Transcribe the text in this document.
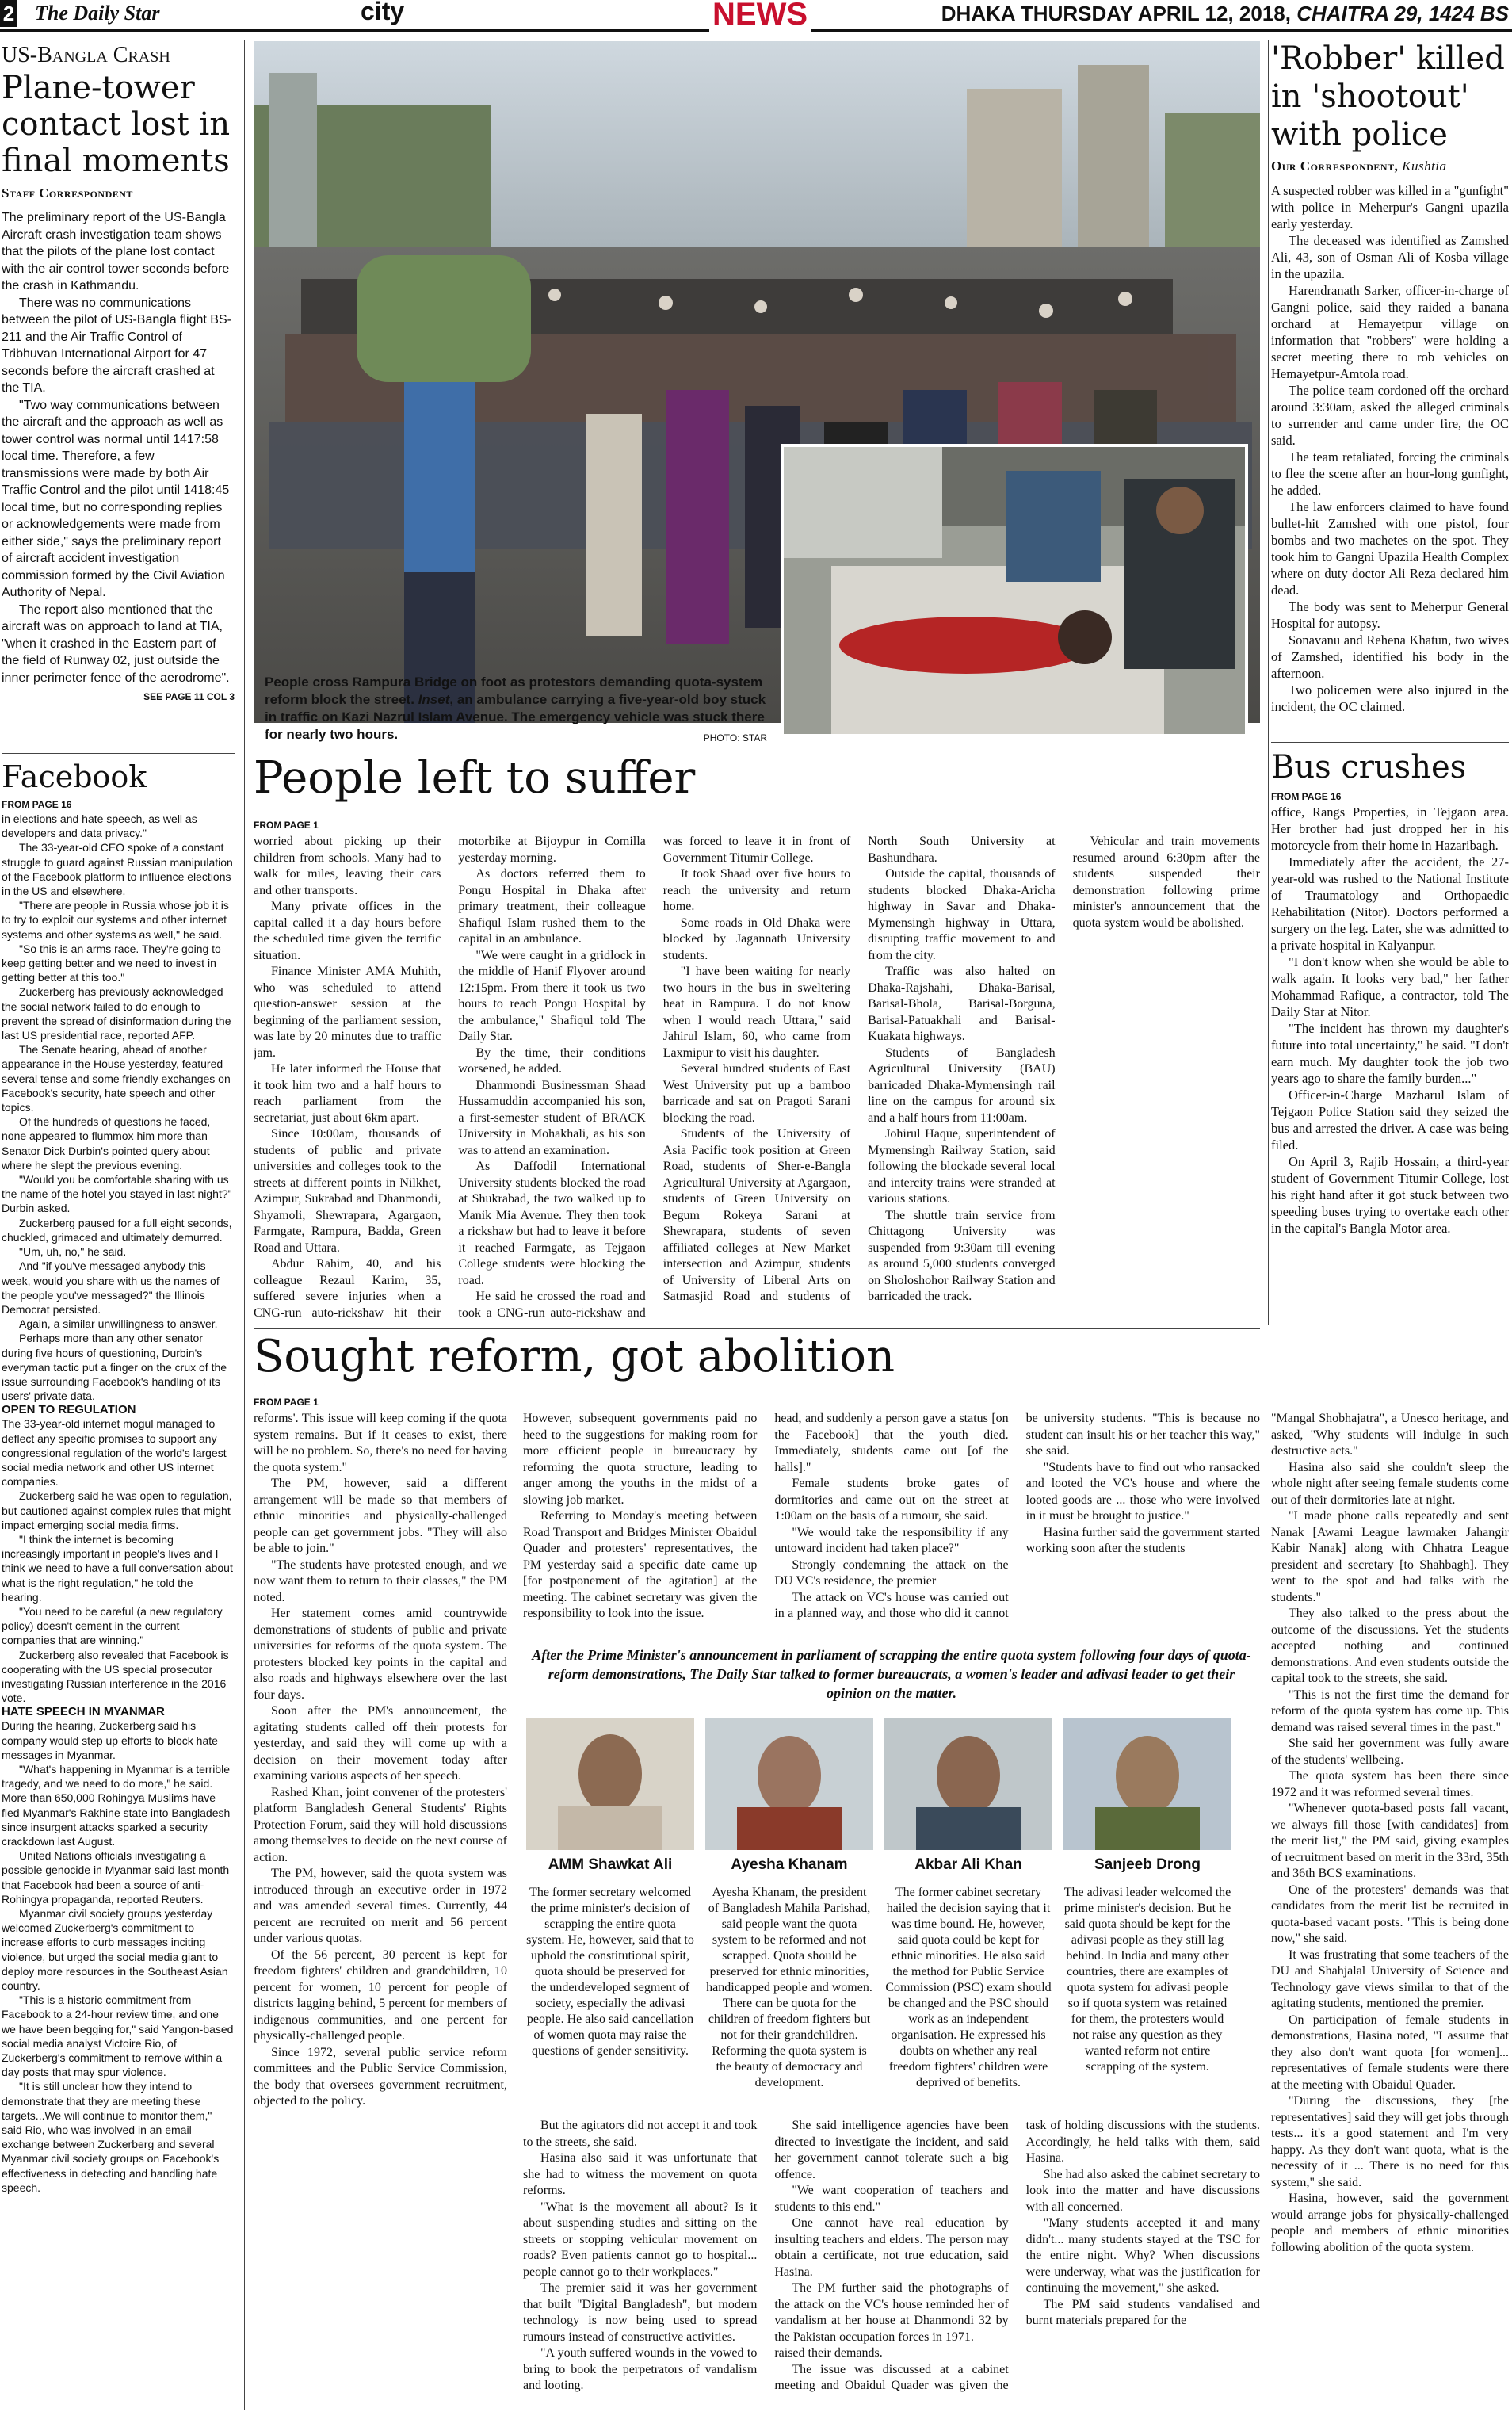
2 The Daily Star	city	NEWS	DHAKA THURSDAY APRIL 12, 2018, CHAITRA 29, 1424 BS
US-Bangla Crash
Plane-tower contact lost in final moments
Staff Correspondent

The preliminary report of the US-Bangla Aircraft crash investigation team shows that the pilots of the plane lost contact with the air control tower seconds before the crash in Kathmandu.

There was no communications between the pilot of US-Bangla flight BS-211 and the Air Traffic Control of Tribhuvan International Airport for 47 seconds before the aircraft crashed at the TIA.

"Two way communications between the aircraft and the approach as well as tower control was normal until 1417:58 local time. Therefore, a few transmissions were made by both Air Traffic Control and the pilot until 1418:45 local time, but no corresponding replies or acknowledgements were made from either side," says the preliminary report of aircraft accident investigation commission formed by the Civil Aviation Authority of Nepal.

The report also mentioned that the aircraft was on approach to land at TIA, "when it crashed in the Eastern part of the field of Runway 02, just outside the inner perimeter fence of the aerodrome".

SEE PAGE 11 COL 3
Facebook
FROM PAGE 16

in elections and hate speech, as well as developers and data privacy."

The 33-year-old CEO spoke of a constant struggle to guard against Russian manipulation of the Facebook platform to influence elections in the US and elsewhere.

"There are people in Russia whose job it is to try to exploit our systems and other internet systems and other systems as well," he said.

"So this is an arms race. They're going to keep getting better and we need to invest in getting better at this too."

Zuckerberg has previously acknowledged the social network failed to do enough to prevent the spread of disinformation during the last US presidential race, reported AFP.

The Senate hearing, ahead of another appearance in the House yesterday, featured several tense and some friendly exchanges on Facebook's security, hate speech and other topics.

Of the hundreds of questions he faced, none appeared to flummox him more than Senator Dick Durbin's pointed query about where he slept the previous evening.

"Would you be comfortable sharing with us the name of the hotel you stayed in last night?" Durbin asked.

Zuckerberg paused for a full eight seconds, chuckled, grimaced and ultimately demurred.

"Um, uh, no," he said.

And "if you've messaged anybody this week, would you share with us the names of the people you've messaged?" the Illinois Democrat persisted.

Again, a similar unwillingness to answer.

Perhaps more than any other senator during five hours of questioning, Durbin's everyman tactic put a finger on the crux of the issue surrounding Facebook's handling of its users' private data.

OPEN TO REGULATION

The 33-year-old internet mogul managed to deflect any specific promises to support any congressional regulation of the world's largest social media network and other US internet companies.

Zuckerberg said he was open to regulation, but cautioned against complex rules that might impact emerging social media firms.

"I think the internet is becoming increasingly important in people's lives and I think we need to have a full conversation about what is the right regulation," he told the hearing.

"You need to be careful (a new regulatory policy) doesn't cement in the current companies that are winning."

Zuckerberg also revealed that Facebook is cooperating with the US special prosecutor investigating Russian interference in the 2016 vote.

HATE SPEECH IN MYANMAR

During the hearing, Zuckerberg said his company would step up efforts to block hate messages in Myanmar.

"What's happening in Myanmar is a terrible tragedy, and we need to do more," he said. More than 650,000 Rohingya Muslims have fled Myanmar's Rakhine state into Bangladesh since insurgent attacks sparked a security crackdown last August.

United Nations officials investigating a possible genocide in Myanmar said last month that Facebook had been a source of anti-Rohingya propaganda, reported Reuters.

Myanmar civil society groups yesterday welcomed Zuckerberg's commitment to increase efforts to curb messages inciting violence, but urged the social media giant to deploy more resources in the Southeast Asian country.

"This is a historic commitment from Facebook to a 24-hour review time, and one we have been begging for," said Yangon-based social media analyst Victoire Rio, of Zuckerberg's commitment to remove within a day posts that may spur violence.

"It is still unclear how they intend to demonstrate that they are meeting these targets...We will continue to monitor them," said Rio, who was involved in an email exchange between Zuckerberg and several Myanmar civil society groups on Facebook's effectiveness in detecting and handling hate speech.

People cross Rampura Bridge on foot as protestors demanding quota-system reform block the street. Inset, an ambulance carrying a five-year-old boy stuck in traffic on Kazi Nazrul Islam Avenue. The emergency vehicle was stuck there for nearly two hours.	PHOTO: STAR
People left to suffer
FROM PAGE 1

worried about picking up their children from schools. Many had to walk for miles, leaving their cars and other transports.

Many private offices in the capital called it a day hours before the scheduled time given the terrific situation.

Finance Minister AMA Muhith, who was scheduled to attend question-answer session at the beginning of the parliament session, was late by 20 minutes due to traffic jam.

He later informed the House that it took him two and a half hours to reach parliament from the secretariat, just about 6km apart.

Since 10:00am, thousands of students of public and private universities and colleges took to the streets at different points in Nilkhet, Azimpur, Sukrabad and Dhanmondi, Shyamoli, Shewrapara, Agargaon, Farmgate, Rampura, Badda, Green Road and Uttara.

Abdur Rahim, 40, and his colleague Rezaul Karim, 35, suffered severe injuries when a CNG-run auto-rickshaw hit their motorbike at Bijoypur in Comilla yesterday morning.

As doctors referred them to Pongu Hospital in Dhaka after primary treatment, their colleague Shafiqul Islam rushed them to the capital in an ambulance.

"We were caught in a gridlock in the middle of Hanif Flyover around 12:15pm. From there it took us two hours to reach Pongu Hospital by the ambulance," Shafiqul told The Daily Star.

By the time, their conditions worsened, he added.

Dhanmondi Businessman Shaad Hussamuddin accompanied his son, a first-semester student of BRACK University in Mohakhali, as his son was to attend an examination.

As Daffodil International University students blocked the road at Shukrabad, the two walked up to Manik Mia Avenue. They then took a rickshaw but had to leave it before it reached Farmgate, as Tejgaon College students were blocking the road.

He said he crossed the road and took a CNG-run auto-rickshaw and was forced to leave it in front of Government Titumir College.

It took Shaad over five hours to reach the university and return home.

Some roads in Old Dhaka were blocked by Jagannath University students.

"I have been waiting for nearly two hours in the bus in sweltering heat in Rampura. I do not know when I would reach Uttara," said Jahirul Islam, 60, who came from Laxmipur to visit his daughter.

Several hundred students of East West University put up a bamboo barricade and sat on Pragoti Sarani blocking the road.

Students of the University of Asia Pacific took position at Green Road, students of Sher-e-Bangla Agricultural University at Agargaon, students of Green University on Begum Rokeya Sarani at Shewrapara, students of seven affiliated colleges at New Market intersection and Azimpur, students of University of Liberal Arts on Satmasjid Road and students of North South University at Bashundhara.

Outside the capital, thousands of students blocked Dhaka-Aricha highway in Savar and Dhaka-Mymensingh highway in Uttara, disrupting traffic movement to and from the city.

Traffic was also halted on Dhaka-Rajshahi, Dhaka-Barisal, Barisal-Bhola, Barisal-Borguna, Barisal-Patuakhali and Barisal-Kuakata highways.

Students of Bangladesh Agricultural University (BAU) barricaded Dhaka-Mymensingh rail line on the campus for around six and a half hours from 11:00am.

Johirul Haque, superintendent of Mymensingh Railway Station, said following the blockade several local and intercity trains were stranded at various stations.

The shuttle train service from Chittagong University was suspended from 9:30am till evening as around 5,000 students converged on Sholoshohor Railway Station and barricaded the track.

Vehicular and train movements resumed around 6:30pm after the students suspended their demonstration following prime minister's announcement that the quota system would be abolished.

'Robber' killed in 'shootout' with police
Our Correspondent, Kushtia

A suspected robber was killed in a "gunfight" with police in Meherpur's Gangni upazila early yesterday.

The deceased was identified as Zamshed Ali, 43, son of Osman Ali of Kosba village in the upazila.

Harendranath Sarker, officer-in-charge of Gangni police, said they raided a banana orchard at Hemayetpur village on information that "robbers" were holding a secret meeting there to rob vehicles on Hemayetpur-Amtola road.

The police team cordoned off the orchard around 3:30am, asked the alleged criminals to surrender and came under fire, the OC said.

The team retaliated, forcing the criminals to flee the scene after an hour-long gunfight, he added.

The law enforcers claimed to have found bullet-hit Zamshed with one pistol, four bombs and two machetes on the spot. They took him to Gangni Upazila Health Complex where on duty doctor Ali Reza declared him dead.

The body was sent to Meherpur General Hospital for autopsy.

Sonavanu and Rehena Khatun, two wives of Zamshed, identified his body in the afternoon.

Two policemen were also injured in the incident, the OC claimed.

Bus crushes
FROM PAGE 16

office, Rangs Properties, in Tejgaon area. Her brother had just dropped her in his motorcycle from their home in Hazaribagh.

Immediately after the accident, the 27-year-old was rushed to the National Institute of Traumatology and Orthopaedic Rehabilitation (Nitor). Doctors performed a surgery on the leg. Later, she was admitted to a private hospital in Kalyanpur.

"I don't know when she would be able to walk again. It looks very bad," her father Mohammad Rafique, a contractor, told The Daily Star at Nitor.

"The incident has thrown my daughter's future into total uncertainty," he said. "I don't earn much. My daughter took the job two years ago to share the family burden..."

Officer-in-Charge Mazharul Islam of Tejgaon Police Station said they seized the bus and arrested the driver. A case was being filed.

On April 3, Rajib Hossain, a third-year student of Government Titumir College, lost his right hand after it got stuck between two speeding buses trying to overtake each other in the capital's Bangla Motor area.

Sought reform, got abolition
FROM PAGE 1

reforms'. This issue will keep coming if the quota system remains. But if it ceases to exist, there will be no problem. So, there's no need for having the quota system."

The PM, however, said a different arrangement will be made so that members of ethnic minorities and physically-challenged people can get government jobs. "They will also be able to join."

"The students have protested enough, and we now want them to return to their classes," the PM noted.

Her statement comes amid countrywide demonstrations of students of public and private universities for reforms of the quota system. The protesters blocked key points in the capital and also roads and highways elsewhere over the last four days.

Soon after the PM's announcement, the agitating students called off their protests for yesterday, and said they will come up with a decision on their movement today after examining various aspects of her speech.

Rashed Khan, joint convener of the protesters' platform Bangladesh General Students' Rights Protection Forum, said they will hold discussions among themselves to decide on the next course of action.

The PM, however, said the quota system was introduced through an executive order in 1972 and was amended several times. Currently, 44 percent are recruited on merit and 56 percent under various quotas.

Of the 56 percent, 30 percent is kept for freedom fighters' children and grandchildren, 10 percent for women, 10 percent for people of districts lagging behind, 5 percent for members of indigenous communities, and one percent for physically-challenged people.

Since 1972, several public service reform committees and the Public Service Commission, the body that oversees government recruitment, objected to the policy.

However, subsequent governments paid no heed to the suggestions for making room for more efficient people in bureaucracy by reforming the quota structure, leading to anger among the youths in the midst of a slowing job market.

Referring to Monday's meeting between Road Transport and Bridges Minister Obaidul Quader and protesters' representatives, the PM yesterday said a specific date came up [for postponement of the agitation] at the meeting. The cabinet secretary was given the responsibility to look into the issue.

head, and suddenly a person gave a status [on the Facebook] that the youth died. Immediately, students came out [of the halls]."

Female students broke gates of dormitories and came out on the street at 1:00am on the basis of a rumour, she said.

"We would take the responsibility if any untoward incident had taken place?"

Strongly condemning the attack on the DU VC's residence, the premier

The attack on VC's house was carried out in a planned way, and those who did it cannot be university students. "This is because no student can insult his or her teacher this way," she said.

"Students have to find out who ransacked and looted the VC's house and where the looted goods are ... those who were involved in it must be brought to justice."

Hasina further said the government started working soon after the students

After the Prime Minister's announcement in parliament of scrapping the entire quota system following four days of quota-reform demonstrations, The Daily Star talked to former bureaucrats, a women's leader and adivasi leader to get their opinion on the matter.
AMM Shawkat Ali	Ayesha Khanam	Akbar Ali Khan	Sanjeeb Drong
The former secretary welcomed the prime minister's decision of scrapping the entire quota system. He, however, said that to uphold the constitutional spirit, quota should be preserved for the underdeveloped segment of society, especially the adivasi people. He also said cancellation of women quota may raise the questions of gender sensitivity.
Ayesha Khanam, the president of Bangladesh Mahila Parishad, said people want the quota system to be reformed and not scrapped. Quota should be preserved for ethnic minorities, handicapped people and women. There can be quota for the children of freedom fighters but not for their grandchildren. Reforming the quota system is the beauty of democracy and development.
The former cabinet secretary hailed the decision saying that it was time bound. He, however, said quota could be kept for ethnic minorities. He also said the method for Public Service Commission (PSC) exam should be changed and the PSC should work as an independent organisation. He expressed his doubts on whether any real freedom fighters' children were deprived of benefits.
The adivasi leader welcomed the prime minister's decision. But he said quota should be kept for the adivasi people as they still lag behind. In India and many other countries, there are examples of quota system for adivasi people so if quota system was retained for them, the protesters would not raise any question as they wanted reform not entire scrapping of the system.

But the agitators did not accept it and took to the streets, she said.

Hasina also said it was unfortunate that she had to witness the movement on quota reforms.

"What is the movement all about? Is it about suspending studies and sitting on the streets or stopping vehicular movement on roads? Even patients cannot go to hospital... people cannot go to their workplaces."

The premier said it was her government that built "Digital Bangladesh", but modern technology is now being used to spread rumours instead of constructive activities.

"A youth suffered wounds in the vowed to bring to book the perpetrators of vandalism and looting.

She said intelligence agencies have been directed to investigate the incident, and said her government cannot tolerate such a big offence.

"We want cooperation of teachers and students to this end."

One cannot have real education by insulting teachers and elders. The person may obtain a certificate, not true education, said Hasina.

The PM further said the photographs of the attack on the VC's house reminded her of vandalism at her house at Dhanmondi 32 by the Pakistan occupation forces in 1971.

raised their demands.

The issue was discussed at a cabinet meeting and Obaidul Quader was given the task of holding discussions with the students. Accordingly, he held talks with them, said Hasina.

She had also asked the cabinet secretary to look into the matter and have discussions with all concerned.

"Many students accepted it and many didn't... many students stayed at the TSC for the entire night. Why? When discussions were underway, what was the justification for continuing the movement," she asked.

The PM said students vandalised and burnt materials prepared for the

"Mangal Shobhajatra", a Unesco heritage, and asked, "Why students will indulge in such destructive acts."

Hasina also said she couldn't sleep the whole night after seeing female students come out of their dormitories late at night.

"I made phone calls repeatedly and sent Nanak [Awami League lawmaker Jahangir Kabir Nanak] along with Chhatra League president and secretary [to Shahbagh]. They went to the spot and had talks with the students."

They also talked to the press about the outcome of the discussions. Yet the students accepted nothing and continued demonstrations. And even students outside the capital took to the streets, she said.

"This is not the first time the demand for reform of the quota system has come up. This demand was raised several times in the past."

She said her government was fully aware of the students' wellbeing.

The quota system has been there since 1972 and it was reformed several times.

"Whenever quota-based posts fall vacant, we always fill those [with candidates] from the merit list," the PM said, giving examples of recruitment based on merit in the 33rd, 35th and 36th BCS examinations.

One of the protesters' demands was that candidates from the merit list be recruited in quota-based vacant posts. "This is being done now," she said.

It was frustrating that some teachers of the DU and Shahjalal University of Science and Technology gave views similar to that of the agitating students, mentioned the premier.

On participation of female students in demonstrations, Hasina noted, "I assume that they also don't want quota [for women]... representatives of female students were there at the meeting with Obaidul Quader.

"During the discussions, they [the representatives] said they will get jobs through tests... it's a good statement and I'm very happy. As they don't want quota, what is the necessity of it ... There is no need for this system," she said.

Hasina, however, said the government would arrange jobs for physically-challenged people and members of ethnic minorities following abolition of the quota system.
